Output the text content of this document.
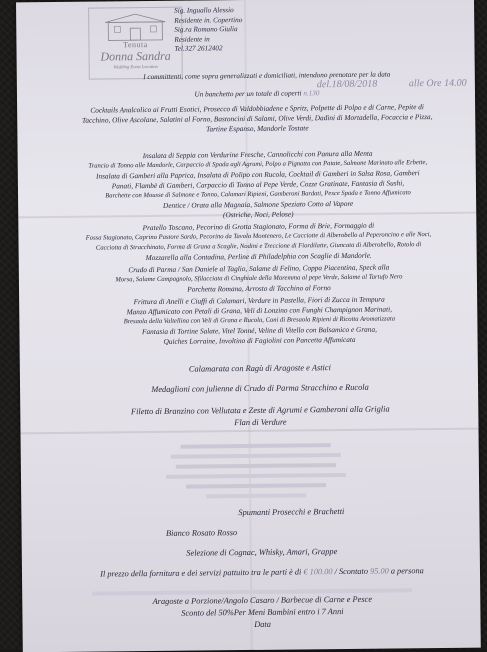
Tenuta
Donna Sandra
Wedding Event Location
Sig. Inguallo Alessio
Residente in. Copertino
Sig.ra Romano Giulia
Residente in
Tel.327 2612402
I committenti, come sopra generalizzati e domiciliati, intendono prenotare per la data
del.18/08/2018	alle Ore 14.00
Un banchetto per un totale di coperti n.130
Cocktails Analcolico ai Frutti Esotici, Prosecco di Valdobbiadene e Spritz, Polpette di Polpo e di Carne, Pepite di
Tacchino, Olive Ascolane, Salatini al Forno, Bastoncini di Salami, Olive Verdi, Dadini di Mortadella, Focaccia e Pizza,
Tartine Espanso, Mandorle Tostate
Insalata di Seppia con Verdurine Fresche, Cannolicchi con Panura alla Menta
Trancio di Tonno alle Mandorle, Carpaccio di Spada agli Agrumi, Polpo a Pignatta con Patate, Salmone Marinato alle Erbette,
Insalata di Gamberi alla Paprica, Insalata di Polipo con Rucola, Cocktail di Gamberi in Salsa Rosa, Gamberi
Panati, Flambè di Gamberi, Carpaccio di Tonno al Pepe Verde, Cozze Gratinate, Fantasia di Sushi,
Barchette con Mousse di Salmone e Tonno, Calamari Ripieni, Gamberoni Bardati, Pesce Spada e Tonno Affumicato
Dentice / Orata alla Magnaia, Salmone Speziato Cotto al Vapore
(Ostriche, Noci, Pelose)
Pratello Toscano, Pecorino di Grotta Stagionato, Forma di Brie, Formaggio di
Fossa Stagionato, Caprino Pastore Sardo, Pecorino da Tavola Montenero, Le Cacciotte di Alberobello al Peperoncino e alle Noci,
Cacciotta di Stracchinato, Forma di Grana a Scaglie, Nodini e Treccione di Fiordilatte, Giuncata di Alberobello, Rotolo di
Mozzarella alla Contadina, Perline di Philadelphia con Scaglie di Mandorle.
Crudo di Parma / San Daniele al Taglio, Salame di Felino, Coppa Piacentina, Speck alla
Morsa, Salame Campagnolo, Sfilacciata di Cinghiale della Maremma al pepe Verde, Salame al Tartufo Nero
Porchetta Romana, Arrosto di Tacchino al Forno
Frittura di Anelli e Ciuffi di Calamari, Verdure in Pastella, Fiori di Zucca in Tempura
Manzo Affumicato con Petali di Grana, Veli di Lonzino con Funghi Champignon Marinati,
Bresaola della Valtellina con Veli di Grana e Rucola, Coni di Bresaola Ripieni di Ricotta Aromatizzata
Fantasia di Tortine Salate, Vitel Tonné, Veline di Vitello con Balsamico e Grana,
Quiches Lorraine, Involtino di Fagiolini con Pancetta Affumicata
Calamarata con Ragù di Aragoste e Astici
Medaglioni con julienne di Crudo di Parma Stracchino e Rucola
Filetto di Branzino con Vellutata e Zeste di Agrumi e Gamberoni alla Griglia
Flan di Verdure
Spumanti Prosecchi e Brachetti
Bianco Rosato Rosso
Selezione di Cognac, Whisky, Amari, Grappe
Il prezzo della fornitura e dei servizi pattuito tra le parti è di € 100.00 / Scontato 95.00 a persona
Aragoste a Porzione/Angolo Casaro / Barbecue di Carne e Pesce
Sconto del 50%Per Meni Bambini entro i 7 Anni
Data
